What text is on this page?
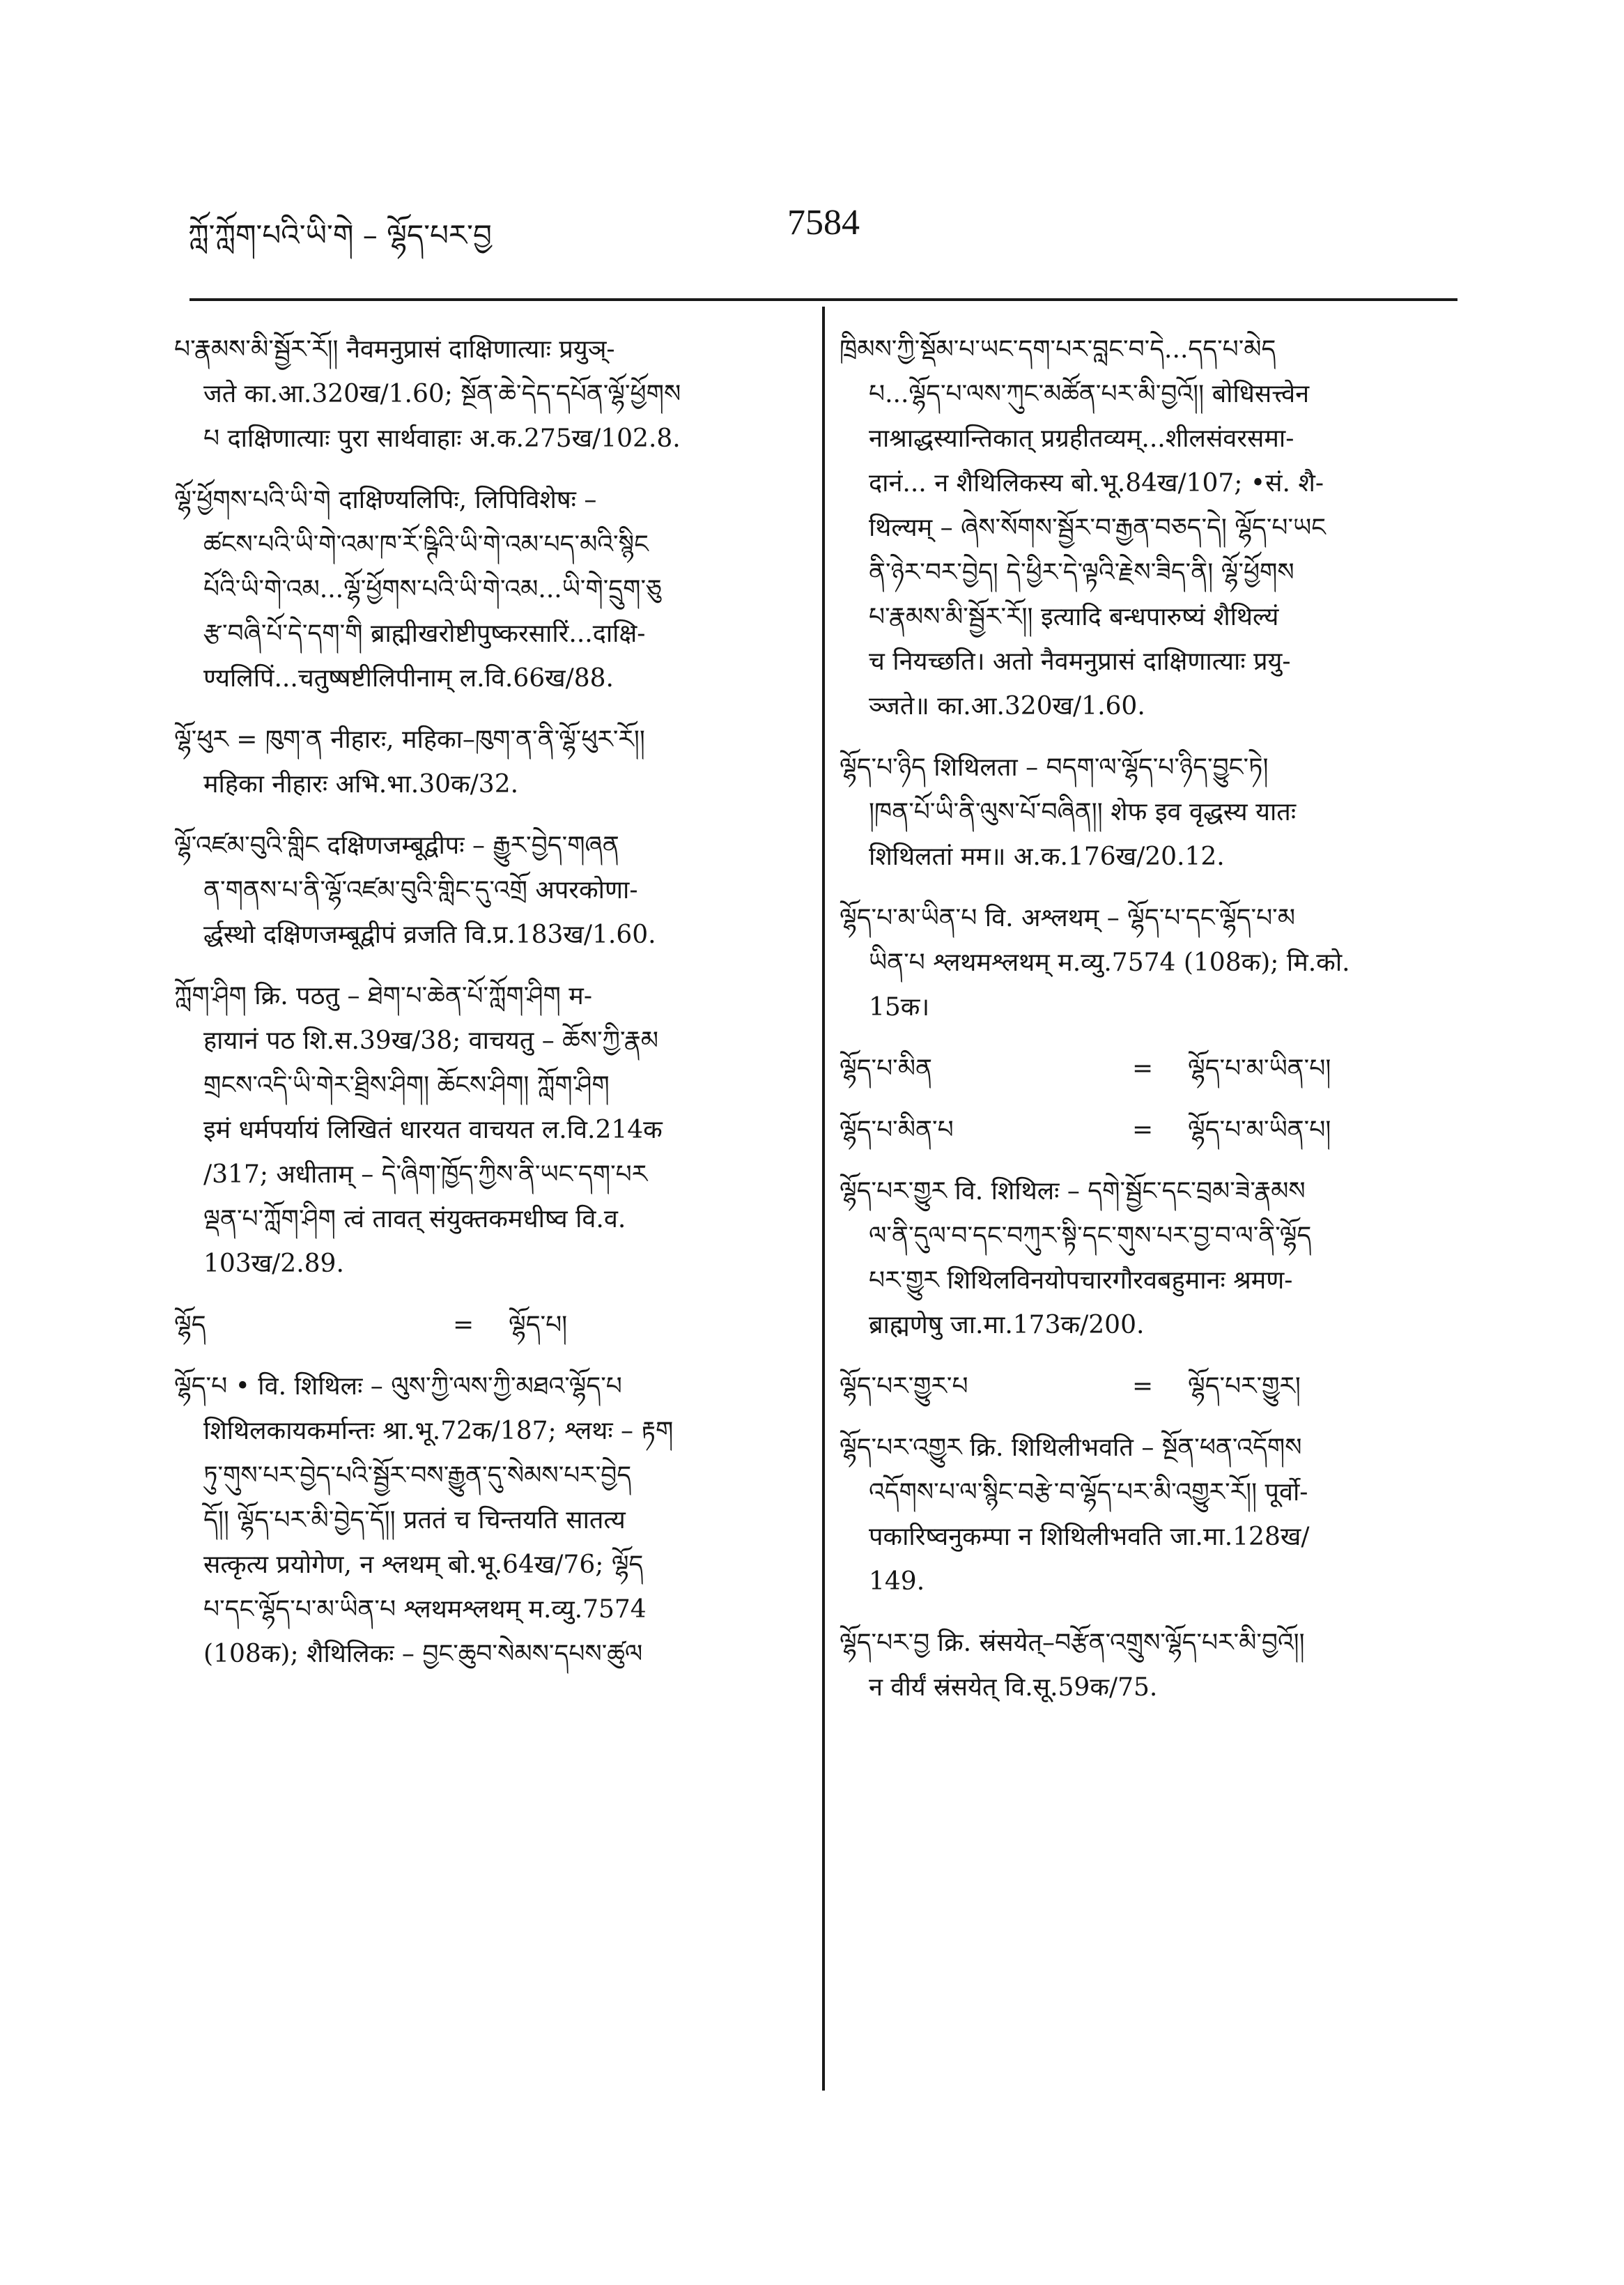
ཀློ་ཀློག་པའི་ཡི་གེ – ལྷོད་པར་བྱ	7584
པ་རྣམས་མི་སྦྱོར་རོ།། नैवमनुप्रासं दाक्षिणात्याः प्रयुञ्-
जते का.आ.320ख/1.60; སྔོན་ཆེ་དེད་དཔོན་ལྷོ་ཕྱོགས
པ दाक्षिणात्याः पुरा सार्थवाहाः अ.क.275ख/102.8.
ལྷོ་ཕྱོགས་པའི་ཡི་གེ दाक्षिण्यलिपिः, लिपिविशेषः –
ཚངས་པའི་ཡི་གེ་འམ་ཁ་རོ་ཥྚིའི་ཡི་གེ་འམ་པད་མའི་སྙིང
པོའི་ཡི་གེ་འམ...ལྷོ་ཕྱོགས་པའི་ཡི་གེ་འམ...ཡི་གེ་དྲུག་ཅུ
རྩ་བཞི་པོ་དེ་དག་གི ब्राह्मीखरोष्टीपुष्करसारिं...दाक्षि-
ण्यलिपिं...चतुष्षष्टीलिपीनाम् ल.वि.66ख/88.
ལྷོ་ཕུར = ཁུག་ན नीहारः, महिका–ཁུག་ན་ནི་ལྷོ་ཕུར་རོ།།
महिका नीहारः अभि.भा.30क/32.
ལྷོ་འཛམ་བུའི་གླིང दक्षिणजम्बूद्वीपः – རྒྱུར་བྱེད་གཞན
ན་གནས་པ་ནི་ལྷོ་འཛམ་བུའི་གླིང་དུ་འགྲོ अपरकोणा-
र्द्धस्थो दक्षिणजम्बूद्वीपं व्रजति वि.प्र.183ख/1.60.
ཀློག་ཤིག क्रि. पठतु – ཐེག་པ་ཆེན་པོ་ཀློག་ཤིག म-
हायानं पठ शि.स.39ख/38; वाचयतु – ཆོས་ཀྱི་རྣམ
གྲངས་འདི་ཡི་གེར་ཐྲིས་ཤིག། ཆོངས་ཤིག། ཀློག་ཤིག
इमं धर्मपर्यायं लिखितं धारयत वाचयत ल.वि.214क
/317; अधीताम् – དེ་ཞིག་ཁྱོད་ཀྱིས་ནི་ཡང་དག་པར
ལྡན་པ་ཀློག་ཤིག त्वं तावत् संयुक्तकमधीष्व वि.व.
103ख/2.89.
ལྷོད	= ལྷོད་པ།
ལྷོད་པ • वि. शिथिलः – ལུས་ཀྱི་ལས་ཀྱི་མཐའ་ལྷོད་པ
शिथिलकायकर्मान्तः श्रा.भू.72क/187; श्लथः – རྟག
ཏུ་གུས་པར་བྱེད་པའི་སྦྱོར་བས་རྒྱུན་དུ་སེམས་པར་བྱེད
དོ།། ལྷོད་པར་མི་བྱེད་དོ།། प्रततं च चिन्तयति सातत्य
सत्कृत्य प्रयोगेण, न श्लथम् बो.भू.64ख/76; ལྷོད
པ་དང་ལྷོད་པ་མ་ཡིན་པ श्लथमश्लथम् म.व्यु.7574
(108क); शैथिलिकः – བྱང་ཆུབ་སེམས་དཔས་ཚུལ
ཁྲིམས་ཀྱི་སྡོམ་པ་ཡང་དག་པར་བླང་བ་དེ...དད་པ་མེད
པ...ལྷོད་པ་ལས་ཀུང་མཚོན་པར་མི་བྱའོ།། बोधिसत्त्वेन
नाश्राद्धस्यान्तिकात् प्रग्रहीतव्यम्...शीलसंवरसमा-
दानं... न शैथिलिकस्य बो.भू.84ख/107; •सं. शै-
थिल्यम् – ཞེས་སོགས་སྦྱོར་བ་རྒྱན་བཅད་དེ། ལྷོད་པ་ཡང
ནི་ཉེར་བར་བྱེད། དེ་ཕྱིར་དེ་ལྟའི་རྗེས་ཟིད་ནི། ལྷོ་ཕྱོགས
པ་རྣམས་མི་སྦྱོར་རོ།། इत्यादि बन्धपारुष्यं शैथिल्यं
च नियच्छति। अतो नैवमनुप्रासं दाक्षिणात्याः प्रयु-
ञ्जते॥ का.आ.320ख/1.60.
ལྷོད་པ་ཉིད शिथिलता – བདག་ལ་ལྷོད་པ་ཉིད་བྱུང་ཏེ།
།ཁན་པོ་ཡི་ནི་ལུས་པོ་བཞིན།། शेफ इव वृद्धस्य यातः
शिथिलतां मम॥ अ.क.176ख/20.12.
ལྷོད་པ་མ་ཡིན་པ वि. अश्लथम् – ལྷོད་པ་དང་ལྷོད་པ་མ
ཡིན་པ श्लथमश्लथम् म.व्यु.7574 (108क); मि.को.
15क।
ལྷོད་པ་མིན	= ལྷོད་པ་མ་ཡིན་པ།
ལྷོད་པ་མིན་པ	= ལྷོད་པ་མ་ཡིན་པ།
ལྷོད་པར་གྱུར वि. शिथिलः – དགེ་སྦྱོང་དང་བྲམ་ཟེ་རྣམས
ལ་ནི་དུལ་བ་དང་བཀུར་སྟི་དང་གུས་པར་བྱ་བ་ལ་ནི་ལྷོད
པར་གྱུར शिथिलविनयोपचारगौरवबहुमानः श्रमण-
ब्राह्मणेषु जा.मा.173क/200.
ལྷོད་པར་གྱུར་པ	= ལྷོད་པར་གྱུར།
ལྷོད་པར་འགྱུར क्रि. शिथिलीभवति – སྔོན་ཕན་འདོགས
འདོགས་པ་ལ་སྙིང་བརྩེ་བ་ལྷོད་པར་མི་འགྱུར་རོ།། पूर्वो-
पकारिष्वनुकम्पा न शिथिलीभवति जा.मा.128ख/
149.
ལྷོད་པར་བྱ क्रि. स्रंसयेत्–བརྩོན་འགྲུས་ལྷོད་པར་མི་བྱའོ།།
न वीर्यं स्रंसयेत् वि.सू.59क/75.
